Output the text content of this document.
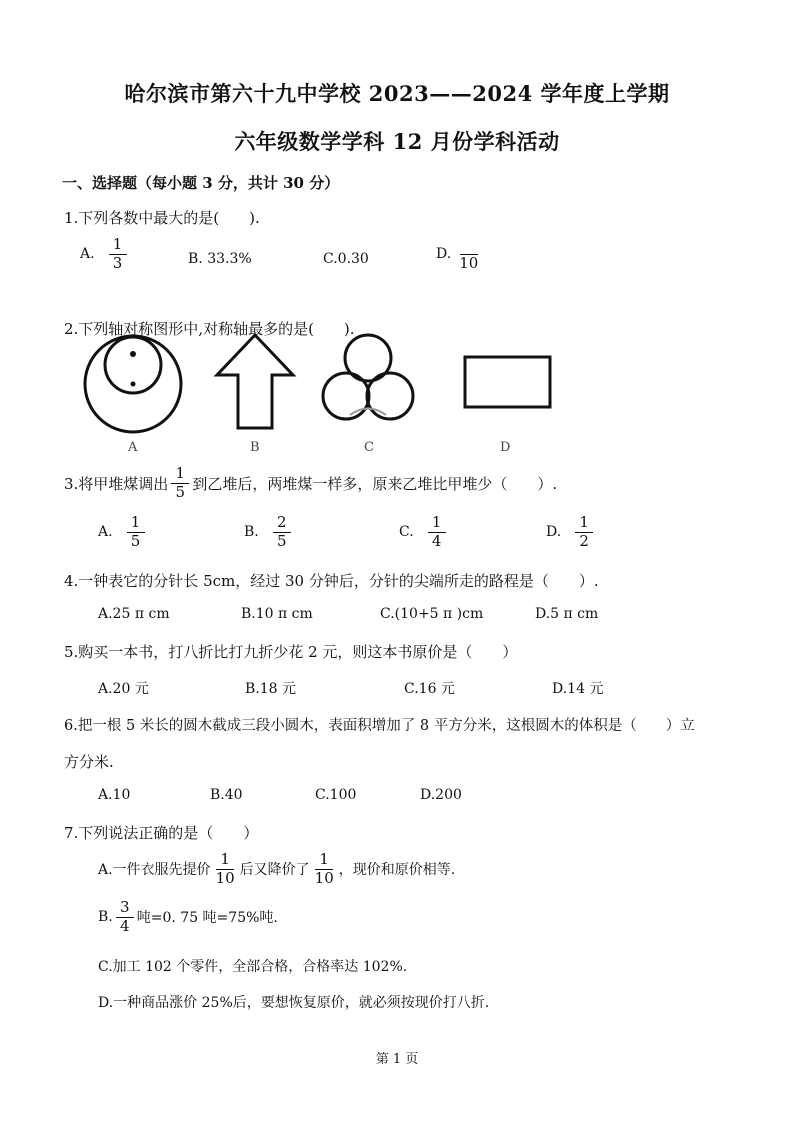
哈尔滨市第六十九中学校 2023——2024 学年度上学期
六年级数学学科 12 月份学科活动
一、选择题（每小题 3 分，共计 30 分）
1.下列各数中最大的是(　　).
A. $\frac{1}{3}$	B. 33.3%	C.0.30	D. 10
2.下列轴对称图形中,对称轴最多的是(　　).
A	B	C	D
3.将甲堆煤调出 $\frac{1}{5}$ 到乙堆后，两堆煤一样多，原来乙堆比甲堆少（　　）.
A. $\frac{1}{5}$	B. $\frac{2}{5}$	C. $\frac{1}{4}$	D. $\frac{1}{2}$
4.一钟表它的分针长 5cm，经过 30 分钟后，分针的尖端所走的路程是（　　）.
A.25 π cm	B.10 π cm	C.(10+5 π )cm	D.5 π cm
5.购买一本书，打八折比打九折少花 2 元，则这本书原价是（　　）
A.20 元	B.18 元	C.16 元	D.14 元
6.把一根 5 米长的圆木截成三段小圆木，表面积增加了 8 平方分米，这根圆木的体积是（　　）立
方分米.
A.10	B.40	C.100	D.200
7.下列说法正确的是（　　）
A.一件衣服先提价 $\frac{1}{10}$ 后又降价了 $\frac{1}{10}$ ，现价和原价相等.
B. $\frac{3}{4}$ 吨=0. 75 吨=75%吨.
C.加工 102 个零件，全部合格，合格率达 102%.
D.一种商品涨价 25%后，要想恢复原价，就必须按现价打八折.
第 1 页
